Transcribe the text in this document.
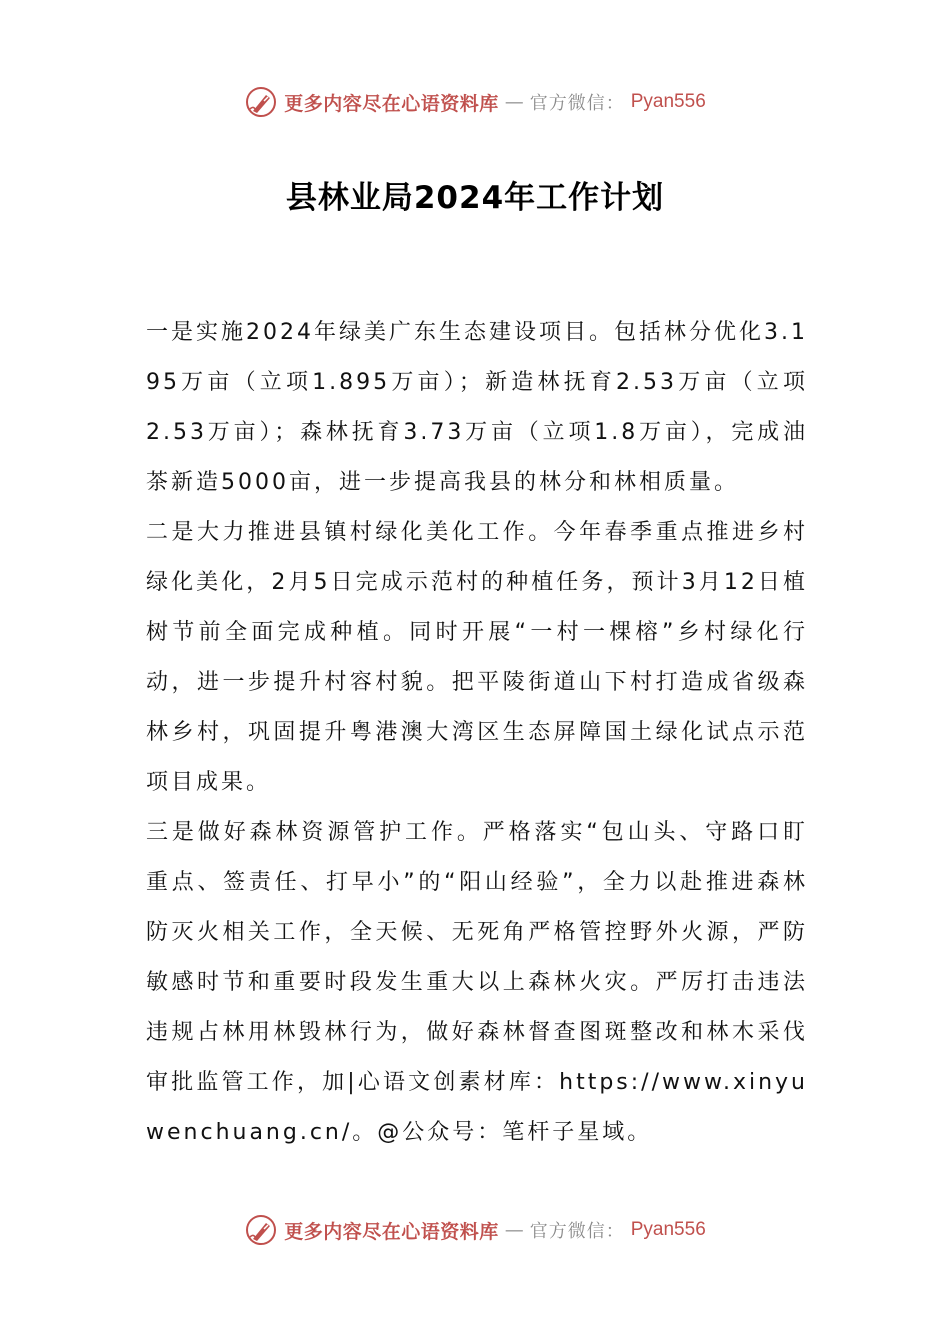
更多内容尽在心语资料库 — 官方微信： Pyan556
县林业局2024年工作计划

一是实施2024年绿美广东生态建设项目。包括林分优化3.195万亩（立项1.895万亩）；新造林抚育2.53万亩（立项2.53万亩）；森林抚育3.73万亩（立项1.8万亩），完成油茶新造5000亩，进一步提高我县的林分和林相质量。

二是大力推进县镇村绿化美化工作。今年春季重点推进乡村绿化美化，2月5日完成示范村的种植任务，预计3月12日植树节前全面完成种植。同时开展“一村一棵榕”乡村绿化行动，进一步提升村容村貌。把平陵街道山下村打造成省级森林乡村，巩固提升粤港澳大湾区生态屏障国土绿化试点示范项目成果。

三是做好森林资源管护工作。严格落实“包山头、守路口盯重点、签责任、打早小”的“阳山经验”，全力以赴推进森林防灭火相关工作，全天候、无死角严格管控野外火源，严防敏感时节和重要时段发生重大以上森林火灾。严厉打击违法违规占林用林毁林行为，做好森林督查图斑整改和林木采伐审批监管工作，加|心语文创素材库：https://www.xinyuwenchuang.cn/。@公众号：笔杆子星域。

更多内容尽在心语资料库 — 官方微信： Pyan556
